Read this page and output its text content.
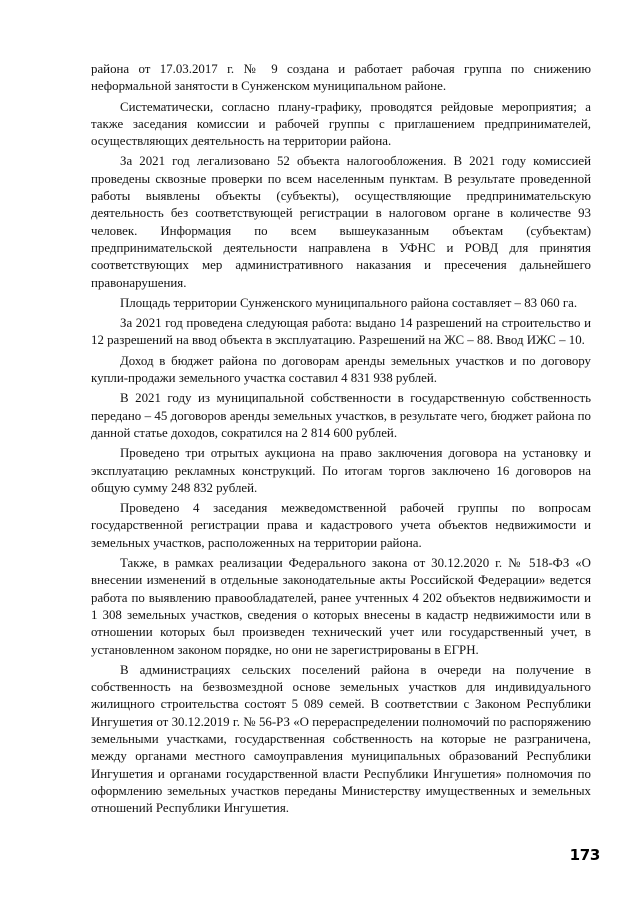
района от 17.03.2017 г. № 9 создана и работает рабочая группа по снижению неформальной занятости в Сунженском муниципальном районе.

Систематически, согласно плану-графику, проводятся рейдовые мероприятия; а также заседания комиссии и рабочей группы с приглашением предпринимателей, осуществляющих деятельность на территории района.

За 2021 год легализовано 52 объекта налогообложения. В 2021 году комиссией проведены сквозные проверки по всем населенным пунктам. В результате проведенной работы выявлены объекты (субъекты), осуществляющие предпринимательскую деятельность без соответствующей регистрации в налоговом органе в количестве 93 человек. Информация по всем вышеуказанным объектам (субъектам) предпринимательской деятельности направлена в УФНС и РОВД для принятия соответствующих мер административного наказания и пресечения дальнейшего правонарушения.

Площадь территории Сунженского муниципального района составляет – 83 060 га.

За 2021 год проведена следующая работа: выдано 14 разрешений на строительство и 12 разрешений на ввод объекта в эксплуатацию. Разрешений на ЖС – 88. Ввод ИЖС – 10.

Доход в бюджет района по договорам аренды земельных участков и по договору купли-продажи земельного участка составил 4 831 938 рублей.

В 2021 году из муниципальной собственности в государственную собственность передано – 45 договоров аренды земельных участков, в результате чего, бюджет района по данной статье доходов, сократился на 2 814 600 рублей.

Проведено три отрытых аукциона на право заключения договора на установку и эксплуатацию рекламных конструкций. По итогам торгов заключено 16 договоров на общую сумму 248 832 рублей.

Проведено 4 заседания межведомственной рабочей группы по вопросам государственной регистрации права и кадастрового учета объектов недвижимости и земельных участков, расположенных на территории района.

Также, в рамках реализации Федерального закона от 30.12.2020 г. № 518-ФЗ «О внесении изменений в отдельные законодательные акты Российской Федерации» ведется работа по выявлению правообладателей, ранее учтенных 4 202 объектов недвижимости и 1 308 земельных участков, сведения о которых внесены в кадастр недвижимости или в отношении которых был произведен технический учет или государственный учет, в установленном законом порядке, но они не зарегистрированы в ЕГРН.

В администрациях сельских поселений района в очереди на получение в собственность на безвозмездной основе земельных участков для индивидуального жилищного строительства состоят 5 089 семей. В соответствии с Законом Республики Ингушетия от 30.12.2019 г. № 56-РЗ «О перераспределении полномочий по распоряжению земельными участками, государственная собственность на которые не разграничена, между органами местного самоуправления муниципальных образований Республики Ингушетия и органами государственной власти Республики Ингушетия» полномочия по оформлению земельных участков переданы Министерству имущественных и земельных отношений Республики Ингушетия.

173
